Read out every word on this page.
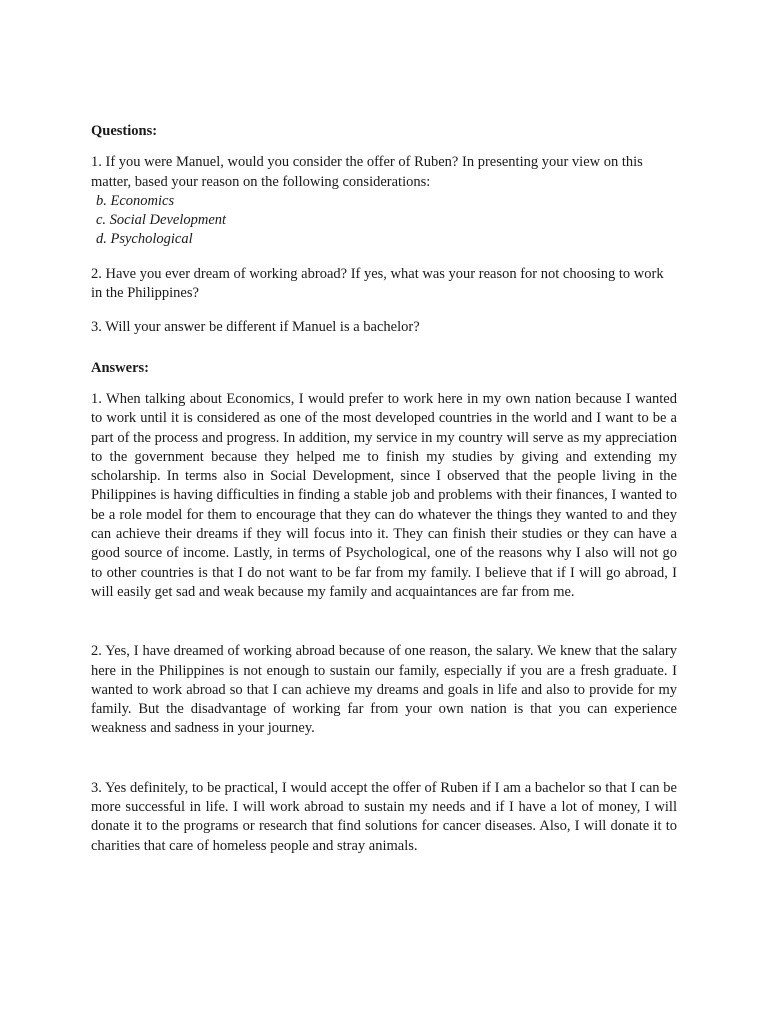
Questions:

1. If you were Manuel, would you consider the offer of Ruben? In presenting your view on this matter, based your reason on the following considerations:

b. Economics

c. Social Development

d. Psychological

2. Have you ever dream of working abroad? If yes, what was your reason for not choosing to work in the Philippines?

3. Will your answer be different if Manuel is a bachelor?

Answers:

1. When talking about Economics, I would prefer to work here in my own nation because I wanted to work until it is considered as one of the most developed countries in the world and I want to be a part of the process and progress. In addition, my service in my country will serve as my appreciation to the government because they helped me to finish my studies by giving and extending my scholarship. In terms also in Social Development, since I observed that the people living in the Philippines is having difficulties in finding a stable job and problems with their finances, I wanted to be a role model for them to encourage that they can do whatever the things they wanted to and they can achieve their dreams if they will focus into it. They can finish their studies or they can have a good source of income. Lastly, in terms of Psychological, one of the reasons why I also will not go to other countries is that I do not want to be far from my family. I believe that if I will go abroad, I will easily get sad and weak because my family and acquaintances are far from me.

2. Yes, I have dreamed of working abroad because of one reason, the salary. We knew that the salary here in the Philippines is not enough to sustain our family, especially if you are a fresh graduate. I wanted to work abroad so that I can achieve my dreams and goals in life and also to provide for my family. But the disadvantage of working far from your own nation is that you can experience weakness and sadness in your journey.

3. Yes definitely, to be practical, I would accept the offer of Ruben if I am a bachelor so that I can be more successful in life. I will work abroad to sustain my needs and if I have a lot of money, I will donate it to the programs or research that find solutions for cancer diseases. Also, I will donate it to charities that care of homeless people and stray animals.
